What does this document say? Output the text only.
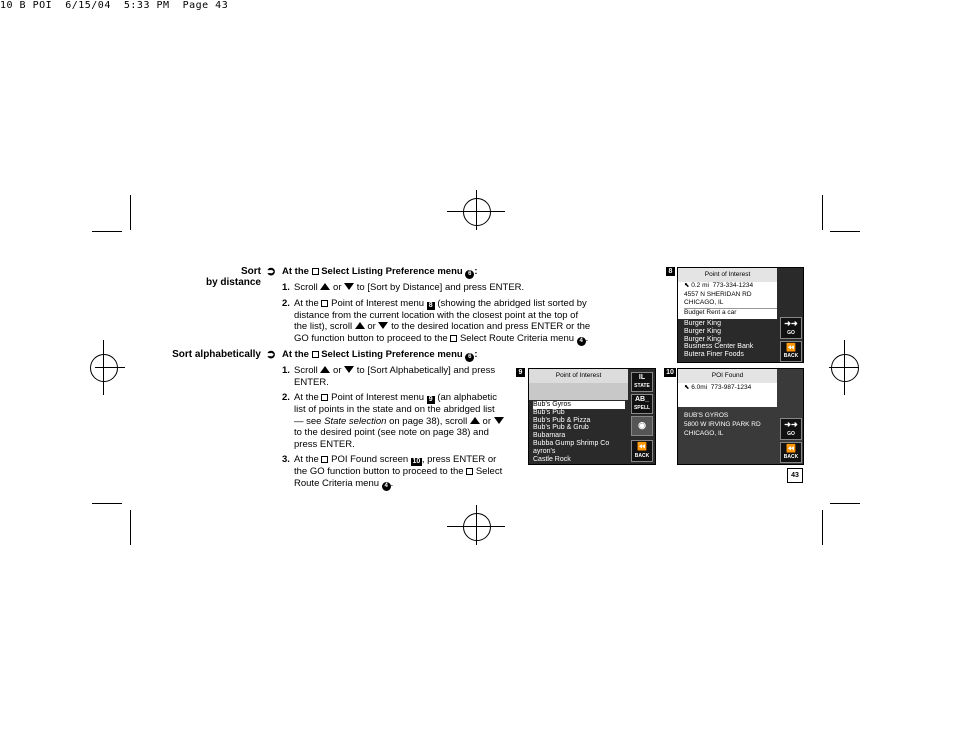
10 B POI  6/15/04  5:33 PM  Page 43
Sort
by distance
➲ At the Select Listing Preference menu 6 :
1. Scroll or to [Sort by Distance] and press ENTER.
2. At the Point of Interest menu 8 (showing the abridged list sorted by distance from the current location with the closest point at the top of the list), scroll or to the desired location and press ENTER or the GO function button to proceed to the Select Route Criteria menu 4 .
Sort alphabetically ➲ At the Select Listing Preference menu 6 :
1. Scroll or to [Sort Alphabetically] and press ENTER.
2. At the Point of Interest menu 9 (an alphabetic list of points in the state and on the abridged list — see State selection on page 38), scroll or  to the desired point (see note on page 38) and press ENTER.
3. At the POI Found screen 10 , press ENTER or the GO function button to proceed to the Select Route Criteria menu 4 .
8	Point of Interest
⬉ 0.2 mi 773-334-1234
4557 N SHERIDAN RD
CHICAGO, IL
Budget Rent a car
Burger King
Burger King
Burger King
Business Center Bank
Butera Finer Foods
➜➜
GO
⏪
BACK
9	Point of Interest
Bub's Gyros
Bub's Pub
Bub's Pub & Pizza
Bub's Pub & Grub
Bubamara
Bubba Gump Shrimp Co
ayron's
Castle Rock
IL
STATE
AB_
SPELL
◉
⏪
BACK
10	POI Found
⬉ 6.0mi 773-987-1234
BUB'S GYROS
5800 W IRVING PARK RD
CHICAGO, IL
➜➜
GO
⏪
BACK
43
